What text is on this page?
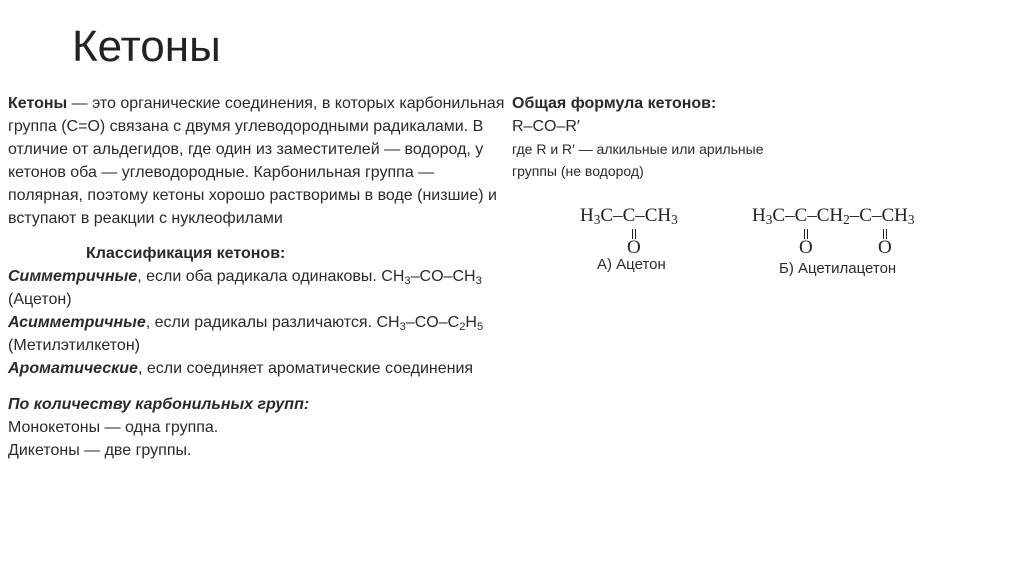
Кетоны

Кетоны — это органические соединения, в которых карбонильная группа (С=О) связана с двумя углеводородными радикалами. В отличие от альдегидов, где один из заместителей — водород, у кетонов оба — углеводородные. Карбонильная группа — полярная, поэтому кетоны хорошо растворимы в воде (низшие) и вступают в реакции с нуклеофилами

Классификация кетонов:

Симметричные, если оба радикала одинаковы. $CH_3-CO-CH_3$ (Ацетон)

Асимметричные, если радикалы различаются. $CH_3-CO-C_2H_5$ (Метилэтилкетон)

Ароматические, если соединяет ароматические соединения

По количеству карбонильных групп:

Монокетоны — одна группа.

Дикетоны — две группы.

Общая формула кетонов:

R–CO–R′

где R и R′ — алкильные или арильные группы (не водород)

$H_3C-C-CH_3$
O
А) Ацетон
$H_3C-C-CH_2-C-CH_3$
O	O
Б) Ацетилацетон
